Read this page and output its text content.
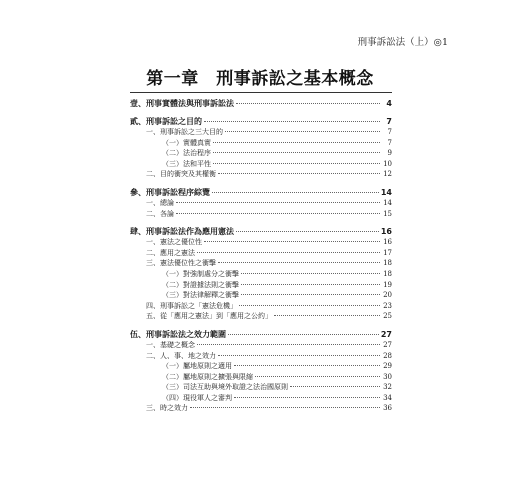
刑事訴訟法（上）◎1
第一章　刑事訴訟之基本概念
壹、刑事實體法與刑事訴訟法	4
貳、刑事訴訟之目的	7
一、刑事訴訟之三大目的	7
（一）實體真實	7
（二）法治程序	9
（三）法和平性	10
二、目的衝突及其權衡	12
參、刑事訴訟程序綜覽	14
一、總論	14
二、各論	15
肆、刑事訴訟法作為應用憲法	16
一、憲法之優位性	16
二、應用之憲法	17
三、憲法優位性之衝擊	18
（一）對強制處分之衝擊	18
（二）對證據法則之衝擊	19
（三）對法律解釋之衝擊	20
四、刑事訴訟之「憲法危機」	23
五、從「應用之憲法」到「應用之公約」	25
伍、刑事訴訟法之效力範圍	27
一、基礎之概念	27
二、人、事、地之效力	28
（一）屬地原則之適用	29
（二）屬地原則之擴張與限縮	30
（三）司法互助與境外取證之法治國原則	32
（四）現役軍人之審判	34
三、時之效力	36
